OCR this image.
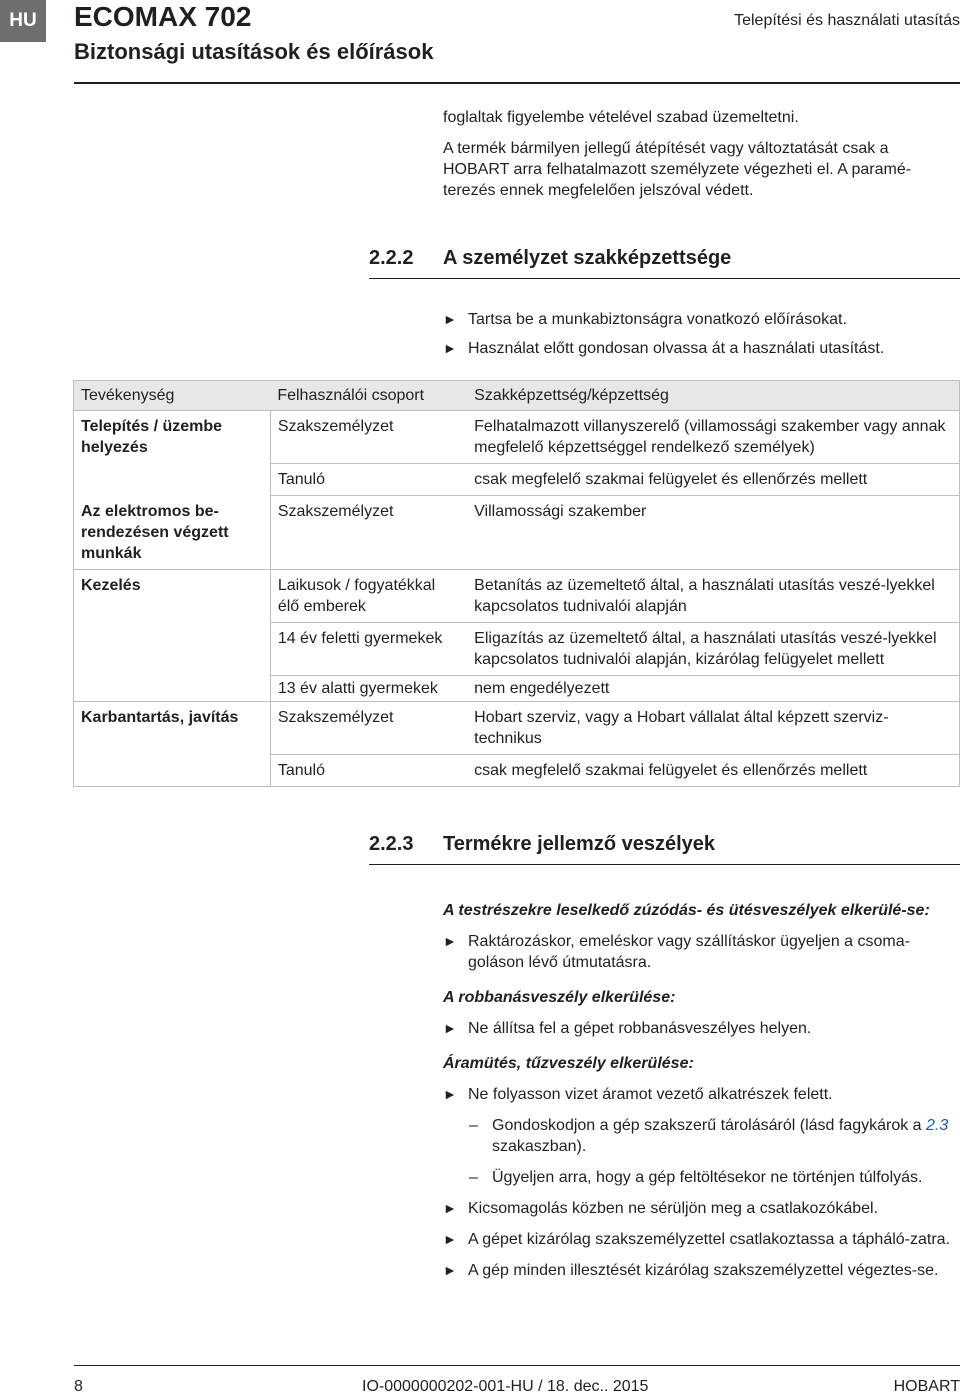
HU	ECOMAX 702
Biztonsági utasítások és előírások
Telepítési és használati utasítás

foglaltak figyelembe vételével szabad üzemeltetni.

A termék bármilyen jellegű átépítését vagy változtatását csak a HOBART arra felhatalmazott személyzete végezheti el. A paramé-terezés ennek megfelelően jelszóval védett.

2.2.2 A személyzet szakképzettsége
► Tartsa be a munkabiztonságra vonatkozó előírásokat.
► Használat előtt gondosan olvassa át a használati utasítást.
Tevékenység	Felhasználói csoport	Szakképzettség/képzettség
Telepítés / üzembe helyezés	Szakszemélyzet	Felhatalmazott villanyszerelő (villamossági szakember vagy annak megfelelő képzettséggel rendelkező személyek)
	Tanuló	csak megfelelő szakmai felügyelet és ellenőrzés mellett
Az elektromos be-rendezésen végzett munkák	Szakszemélyzet	Villamossági szakember
Kezelés	Laikusok / fogyatékkal élő emberek	Betanítás az üzemeltető által, a használati utasítás veszé-lyekkel kapcsolatos tudnivalói alapján
	14 év feletti gyermekek	Eligazítás az üzemeltető által, a használati utasítás veszé-lyekkel kapcsolatos tudnivalói alapján, kizárólag felügyelet mellett
	13 év alatti gyermekek	nem engedélyezett
Karbantartás, javítás	Szakszemélyzet	Hobart szerviz, vagy a Hobart vállalat által képzett szerviz-technikus
	Tanuló	csak megfelelő szakmai felügyelet és ellenőrzés mellett
2.2.3 Termékre jellemző veszélyek
A testrészekre leselkedő zúzódás- és ütésveszélyek elkerülé-se:
► Raktározáskor, emeléskor vagy szállításkor ügyeljen a csoma-goláson lévő útmutatásra.
A robbanásveszély elkerülése:
► Ne állítsa fel a gépet robbanásveszélyes helyen.
Áramütés, tűzveszély elkerülése:
► Ne folyasson vizet áramot vezető alkatrészek felett.
– Gondoskodjon a gép szakszerű tárolásáról (lásd fagykárok a 2.3 szakaszban).
– Ügyeljen arra, hogy a gép feltöltésekor ne történjen túlfolyás.
► Kicsomagolás közben ne sérüljön meg a csatlakozókábel.
► A gépet kizárólag szakszemélyzettel csatlakoztassa a tápháló-zatra.
► A gép minden illesztését kizárólag szakszemélyzettel végeztes-se.
8	IO-0000000202-001-HU / 18. dec.. 2015	HOBART
